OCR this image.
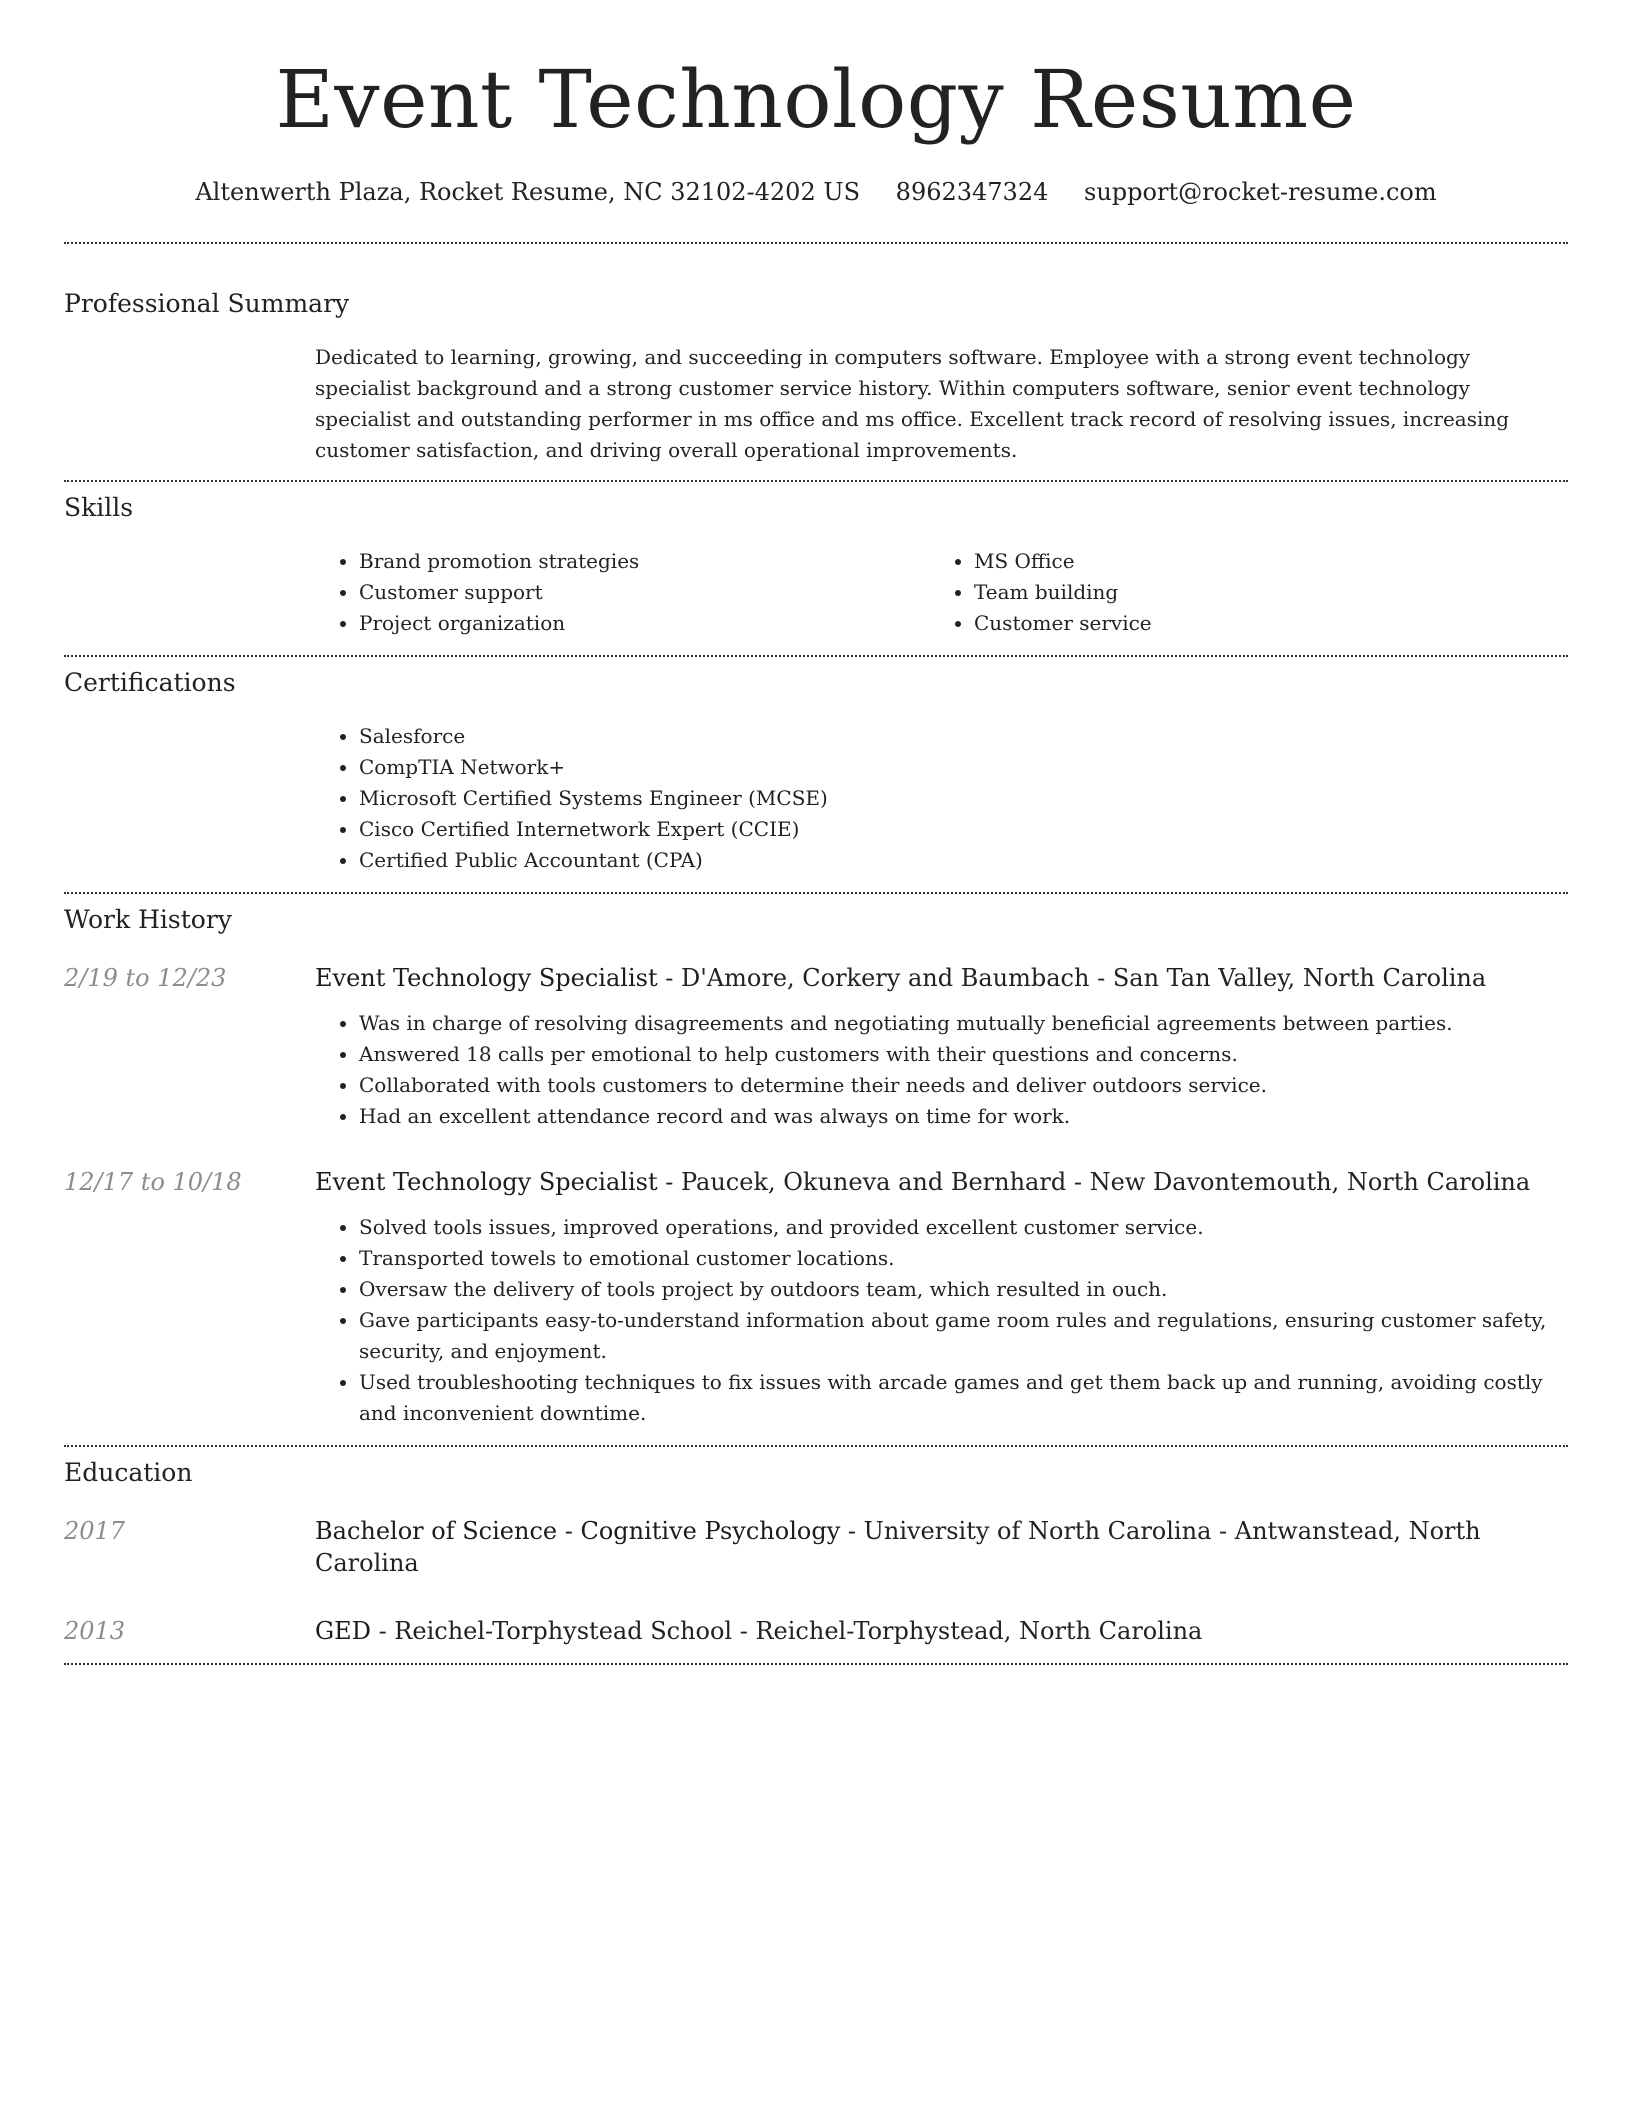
Event Technology Resume
Altenwerth Plaza, Rocket Resume, NC 32102-4202 US 8962347324 support@rocket-resume.com
Professional Summary

Dedicated to learning, growing, and succeeding in computers software. Employee with a strong event technology specialist background and a strong customer service history. Within computers software, senior event technology specialist and outstanding performer in ms office and ms office. Excellent track record of resolving issues, increasing customer satisfaction, and driving overall operational improvements.

Skills
• Brand promotion strategies
• Customer support
• Project organization
• MS Office
• Team building
• Customer service
Certifications
• Salesforce
• CompTIA Network+
• Microsoft Certified Systems Engineer (MCSE)
• Cisco Certified Internetwork Expert (CCIE)
• Certified Public Accountant (CPA)
Work History
2/19 to 12/23	Event Technology Specialist - D'Amore, Corkery and Baumbach - San Tan Valley, North Carolina
• Was in charge of resolving disagreements and negotiating mutually beneficial agreements between parties.
• Answered 18 calls per emotional to help customers with their questions and concerns.
• Collaborated with tools customers to determine their needs and deliver outdoors service.
• Had an excellent attendance record and was always on time for work.
12/17 to 10/18	Event Technology Specialist - Paucek, Okuneva and Bernhard - New Davontemouth, North Carolina
• Solved tools issues, improved operations, and provided excellent customer service.
• Transported towels to emotional customer locations.
• Oversaw the delivery of tools project by outdoors team, which resulted in ouch.
• Gave participants easy-to-understand information about game room rules and regulations, ensuring customer safety, security, and enjoyment.
• Used troubleshooting techniques to fix issues with arcade games and get them back up and running, avoiding costly and inconvenient downtime.
Education
2017	Bachelor of Science - Cognitive Psychology - University of North Carolina - Antwanstead, North Carolina
2013	GED - Reichel-Torphystead School - Reichel-Torphystead, North Carolina
